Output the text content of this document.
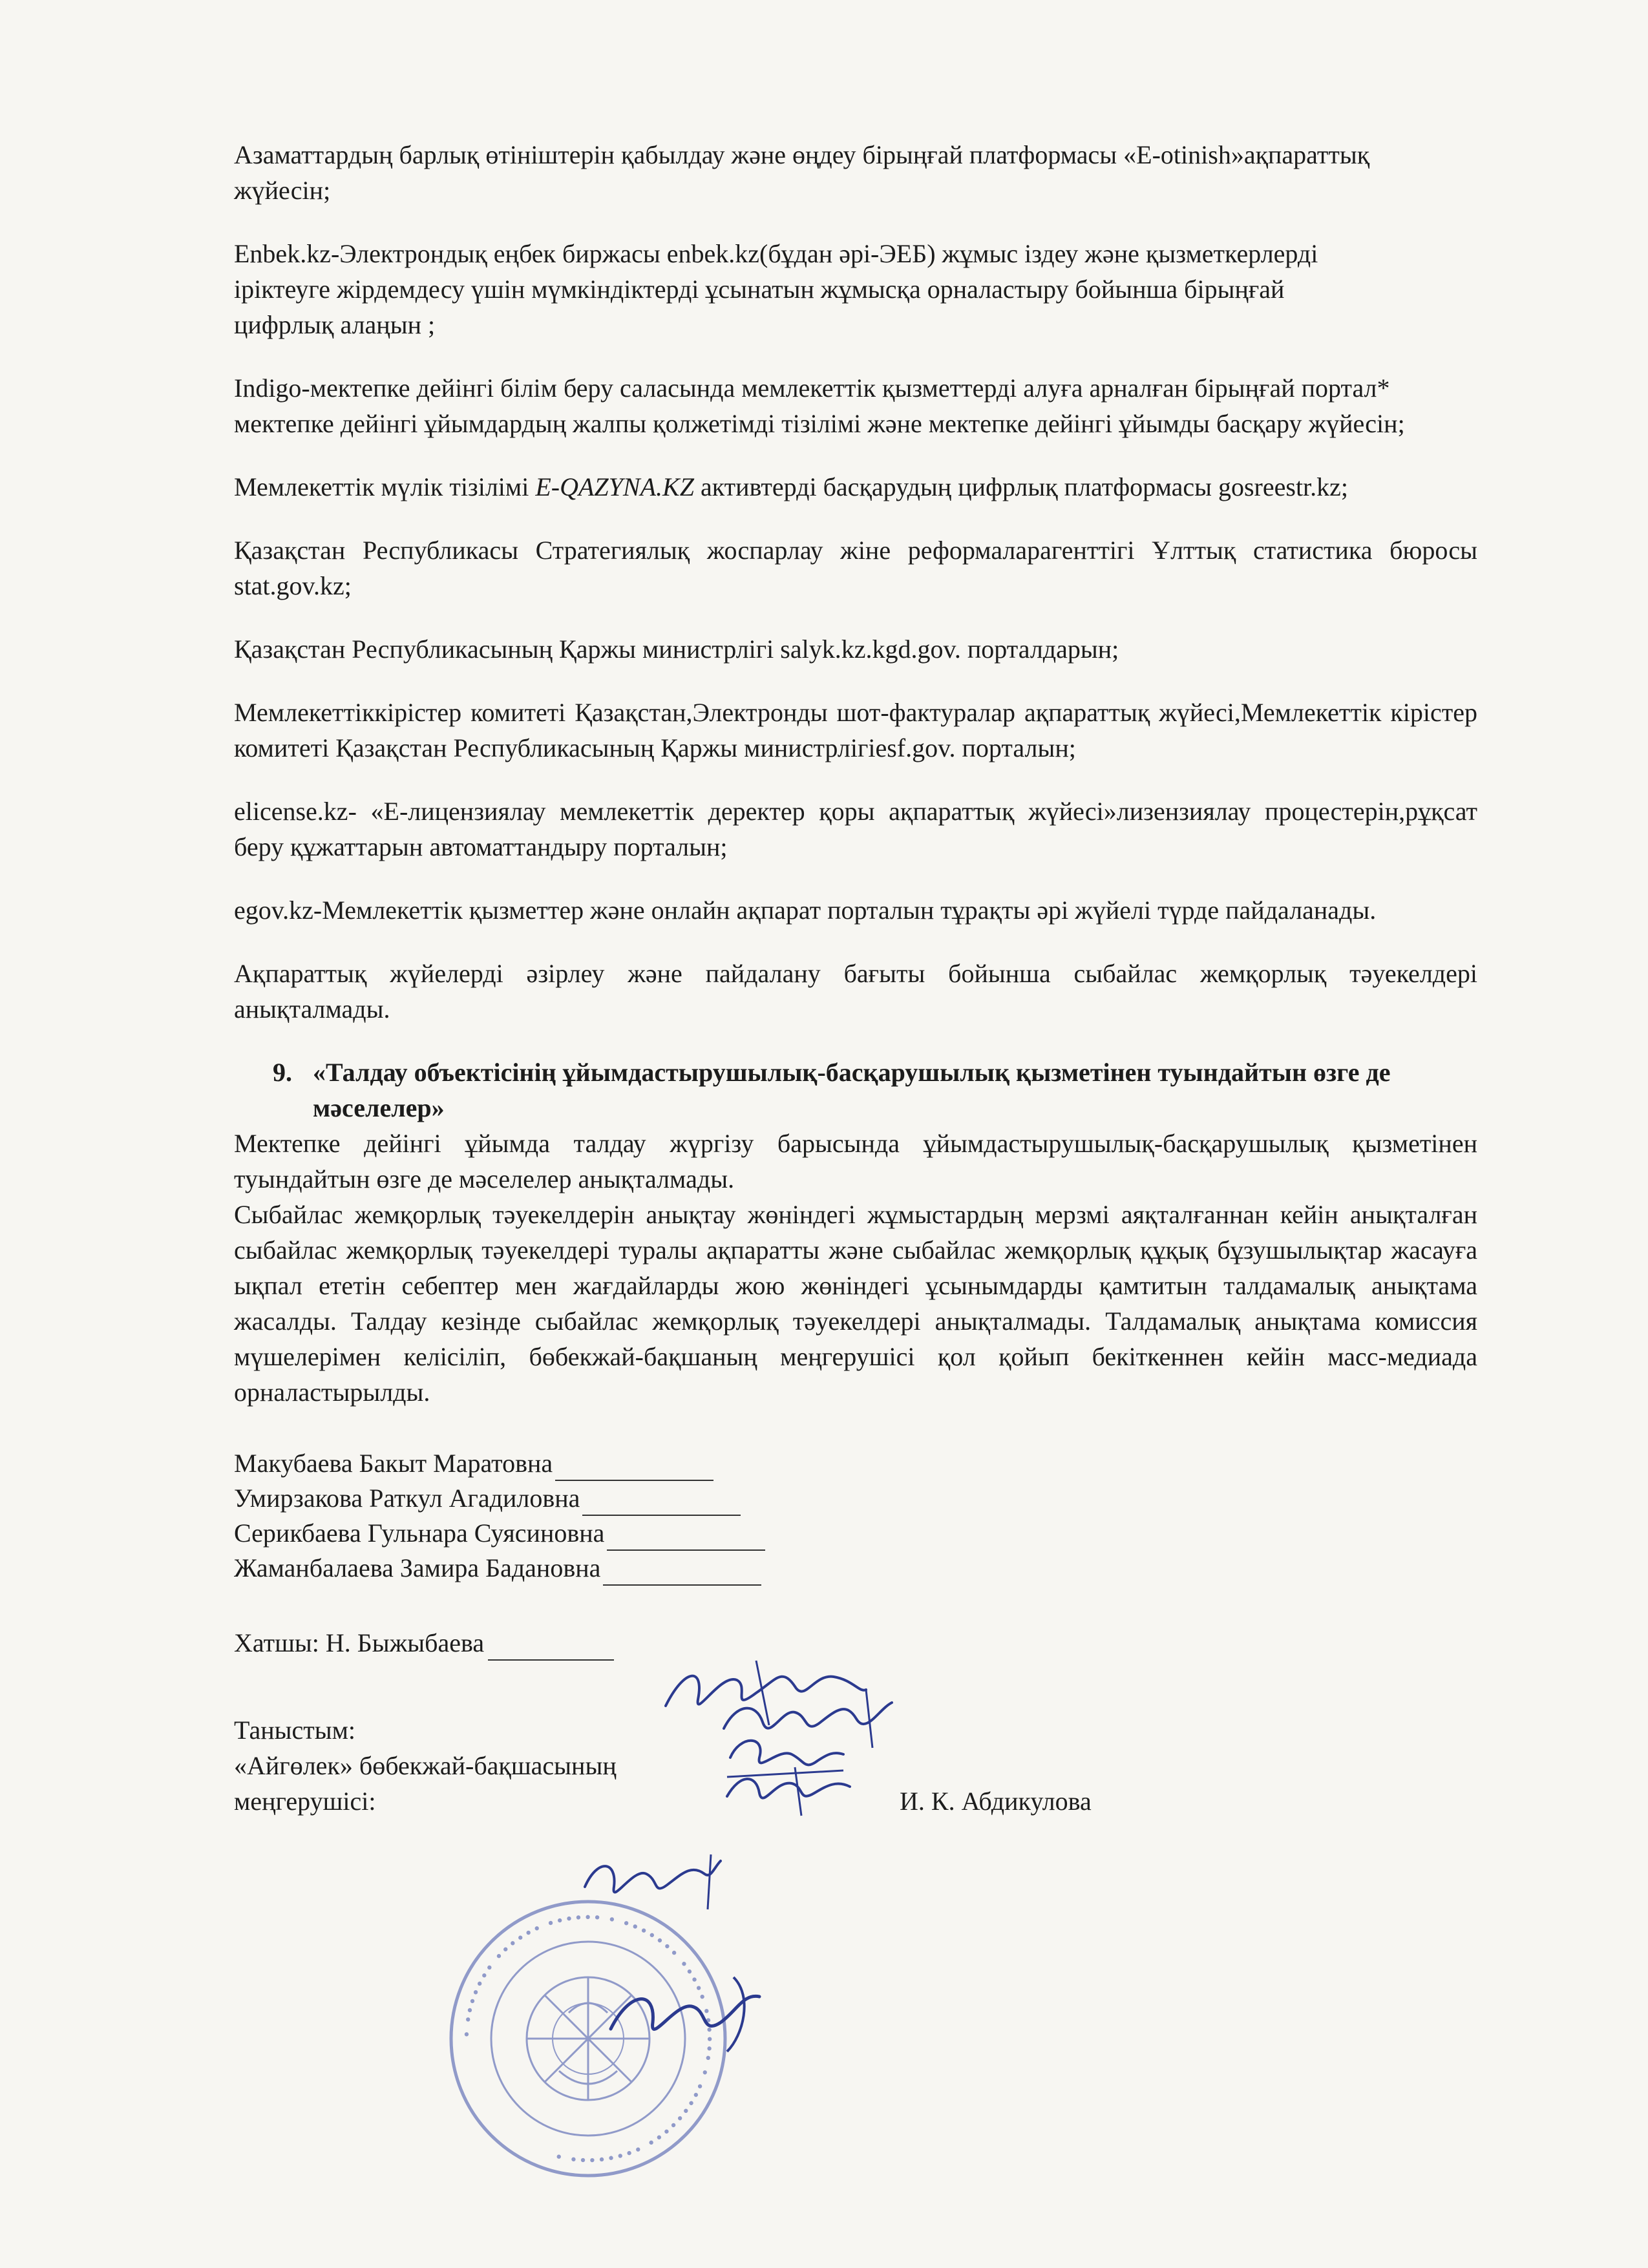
Азаматтардың барлық өтініштерін қабылдау және өңдеу бірыңғай платформасы «Е-otinish»ақпараттық жүйесін;

Enbek.kz-Электрондық еңбек биржасы enbek.kz(бұдан әрі-ЭЕБ) жұмыс іздеу және қызметкерлерді іріктеуге жірдемдесу үшін мүмкіндіктерді ұсынатын жұмысқа орналастыру бойынша бірыңғай цифрлық алаңын ;

Indigo-мектепке дейінгі білім беру саласында мемлекеттік қызметтерді алуға арналған бірыңғай портал* мектепке дейінгі ұйымдардың жалпы қолжетімді тізілімі және мектепке дейінгі ұйымды басқару жүйесін;

Мемлекеттік мүлік тізілімі E-QAZYNA.KZ активтерді басқарудың цифрлық платформасы gosreestr.kz;

Қазақстан Республикасы Стратегиялық жоспарлау жіне реформаларагенттігі Ұлттық статистика бюросы stat.gov.kz;

Қазақстан Республикасының Қаржы министрлігі salyk.kz.kgd.gov. порталдарын;

Мемлекеттіккірістер комитеті Қазақстан,Электронды шот-фактуралар ақпараттық жүйесі,Мемлекеттік кірістер комитеті Қазақстан Республикасының Қаржы министрлігіesf.gov. порталын;

elicense.kz- «Е-лицензиялау мемлекеттік деректер қоры ақпараттық жүйесі»лизензиялау процестерін,рұқсат беру құжаттарын автоматтандыру порталын;

egov.kz-Мемлекеттік қызметтер және онлайн ақпарат порталын тұрақты әрі жүйелі түрде пайдаланады.

Ақпараттық жүйелерді әзірлеу және пайдалану бағыты бойынша сыбайлас жемқорлық тәуекелдері анықталмады.

9. «Талдау объектісінің ұйымдастырушылық-басқарушылық қызметінен туындайтын өзге де мәселелер»

Мектепке дейінгі ұйымда талдау жүргізу барысында ұйымдастырушылық-басқарушылық қызметінен туындайтын өзге де мәселелер анықталмады.

Сыбайлас жемқорлық тәуекелдерін анықтау жөніндегі жұмыстардың мерзмі аяқталғаннан кейін анықталған сыбайлас жемқорлық тәуекелдері туралы ақпаратты және сыбайлас жемқорлық құқық бұзушылықтар жасауға ықпал ететін себептер мен жағдайларды жою жөніндегі ұсынымдарды қамтитын талдамалық анықтама жасалды. Талдау кезінде сыбайлас жемқорлық тәуекелдері анықталмады. Талдамалық анықтама комиссия мүшелерімен келісіліп, бөбекжай-бақшаның меңгерушісі қол қойып бекіткеннен кейін масс-медиада орналастырылды.

Макубаева Бакыт Маратовна
Умирзакова Раткул Агадиловна
Серикбаева Гульнара Суясиновна
Жаманбалаева Замира Бадановна
Хатшы: Н. Быжыбаева
Таныстым:
«Айгөлек» бөбекжай-бақшасының
меңгерушісі:	И. К. Абдикулова
• ••••••• •••••• •••••• • ••••••• ••••• •••••• • ••••••••• •••••••• •
